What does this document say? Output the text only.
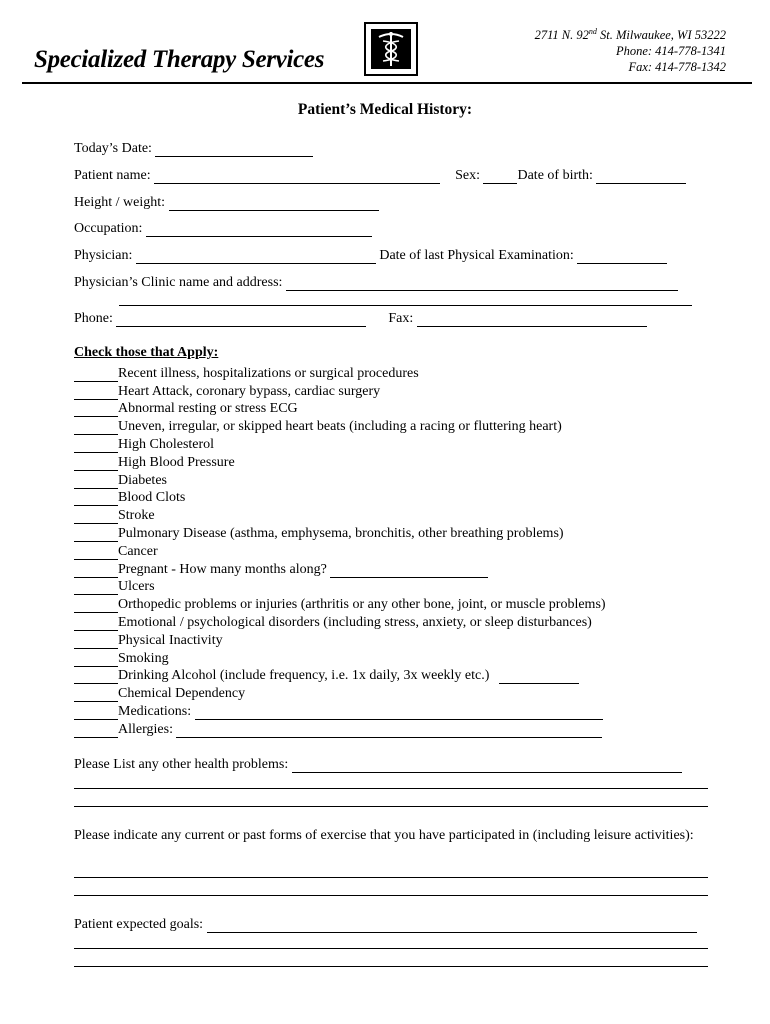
Specialized Therapy Services
2711 N. 92nd St. Milwaukee, WI 53222
Phone: 414-778-1341
Fax: 414-778-1342
Patient’s Medical History:
Today’s Date:

Patient name:
	Sex:
	Date of birth:

Height / weight:

Occupation:

Physician:

	Date of last Physical Examination:

Physician’s Clinic name and address:

Phone:
	Fax:

Check those that Apply:
Recent illness, hospitalizations or surgical procedures
Heart Attack, coronary bypass, cardiac surgery
Abnormal resting or stress ECG
Uneven, irregular, or skipped heart beats (including a racing or fluttering heart)
High Cholesterol
High Blood Pressure
Diabetes
Blood Clots
Stroke
Pulmonary Disease (asthma, emphysema, bronchitis, other breathing problems)
Cancer
Pregnant - How many months along?

Ulcers
Orthopedic problems or injuries (arthritis or any other bone, joint, or muscle problems)
Emotional / psychological disorders (including stress, anxiety, or sleep disturbances)
Physical Inactivity
Smoking
Drinking Alcohol (include frequency, i.e. 1x daily, 3x weekly etc.)

Chemical Dependency
Medications:

Allergies:

Please List any other health problems:

Please indicate any current or past forms of exercise that you have participated in (including leisure activities):
Patient expected goals:
